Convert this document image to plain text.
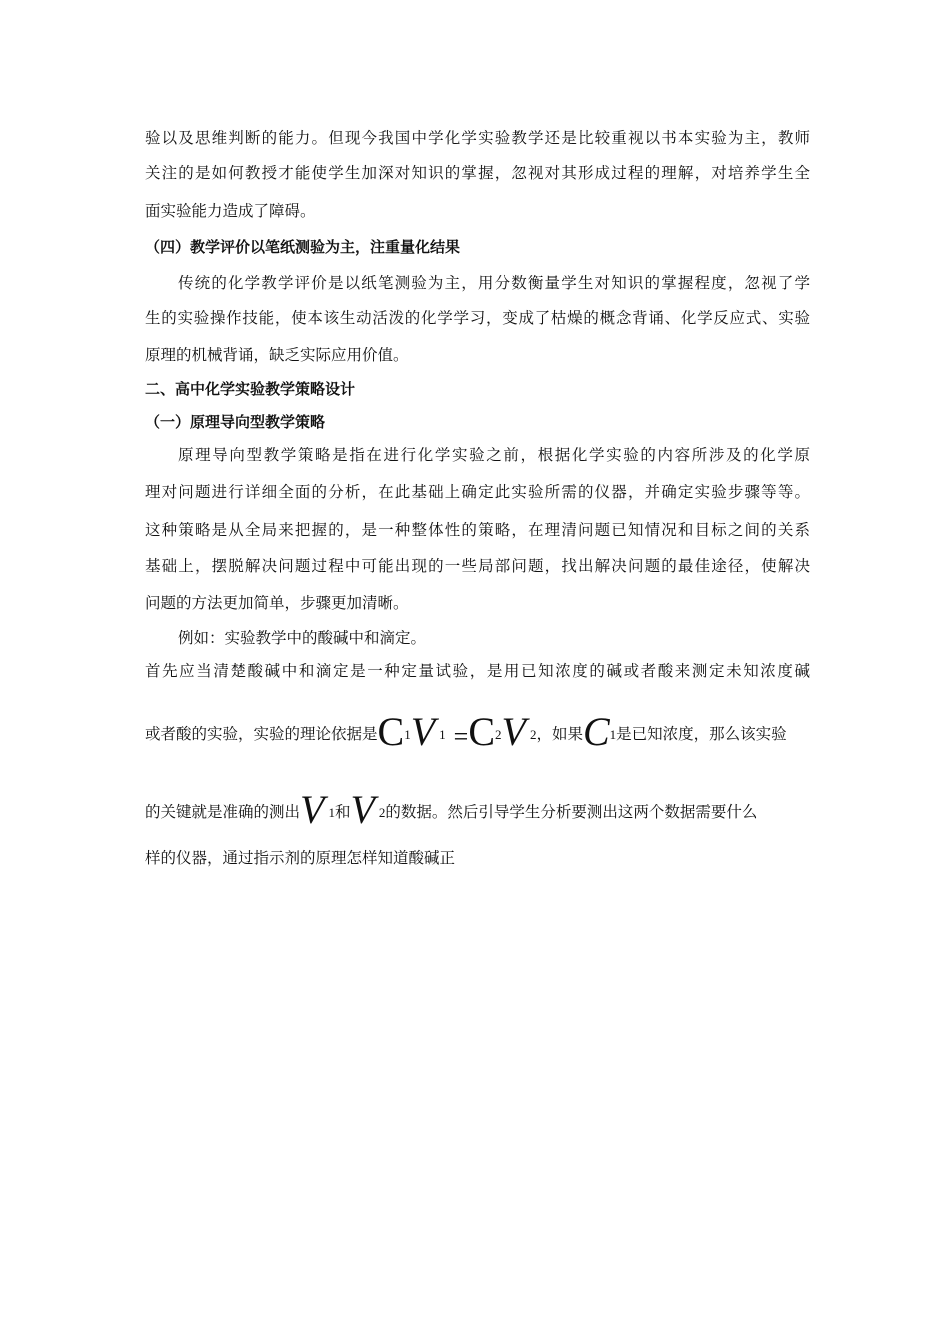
验以及思维判断的能力。但现今我国中学化学实验教学还是比较重视以书本实验为主，教师
关注的是如何教授才能使学生加深对知识的掌握，忽视对其形成过程的理解，对培养学生全
面实验能力造成了障碍。
（四）教学评价以笔纸测验为主，注重量化结果
传统的化学教学评价是以纸笔测验为主，用分数衡量学生对知识的掌握程度，忽视了学
生的实验操作技能，使本该生动活泼的化学学习，变成了枯燥的概念背诵、化学反应式、实验
原理的机械背诵，缺乏实际应用价值。
二、高中化学实验教学策略设计
（一）原理导向型教学策略
原理导向型教学策略是指在进行化学实验之前，根据化学实验的内容所涉及的化学原
理对问题进行详细全面的分析，在此基础上确定此实验所需的仪器，并确定实验步骤等等。
这种策略是从全局来把握的，是一种整体性的策略，在理清问题已知情况和目标之间的关系
基础上，摆脱解决问题过程中可能出现的一些局部问题，找出解决问题的最佳途径，使解决
问题的方法更加简单，步骤更加清晰。
例如：实验教学中的酸碱中和滴定。
首先应当清楚酸碱中和滴定是一种定量试验，是用已知浓度的碱或者酸来测定未知浓度碱
或者酸的实验，实验的理论依据是C1V 1 =C2V 2，如果C1是已知浓度，那么该实验
的关键就是准确的测出V 1和V 2的数据。然后引导学生分析要测出这两个数据需要什么
样的仪器，通过指示剂的原理怎样知道酸碱正
